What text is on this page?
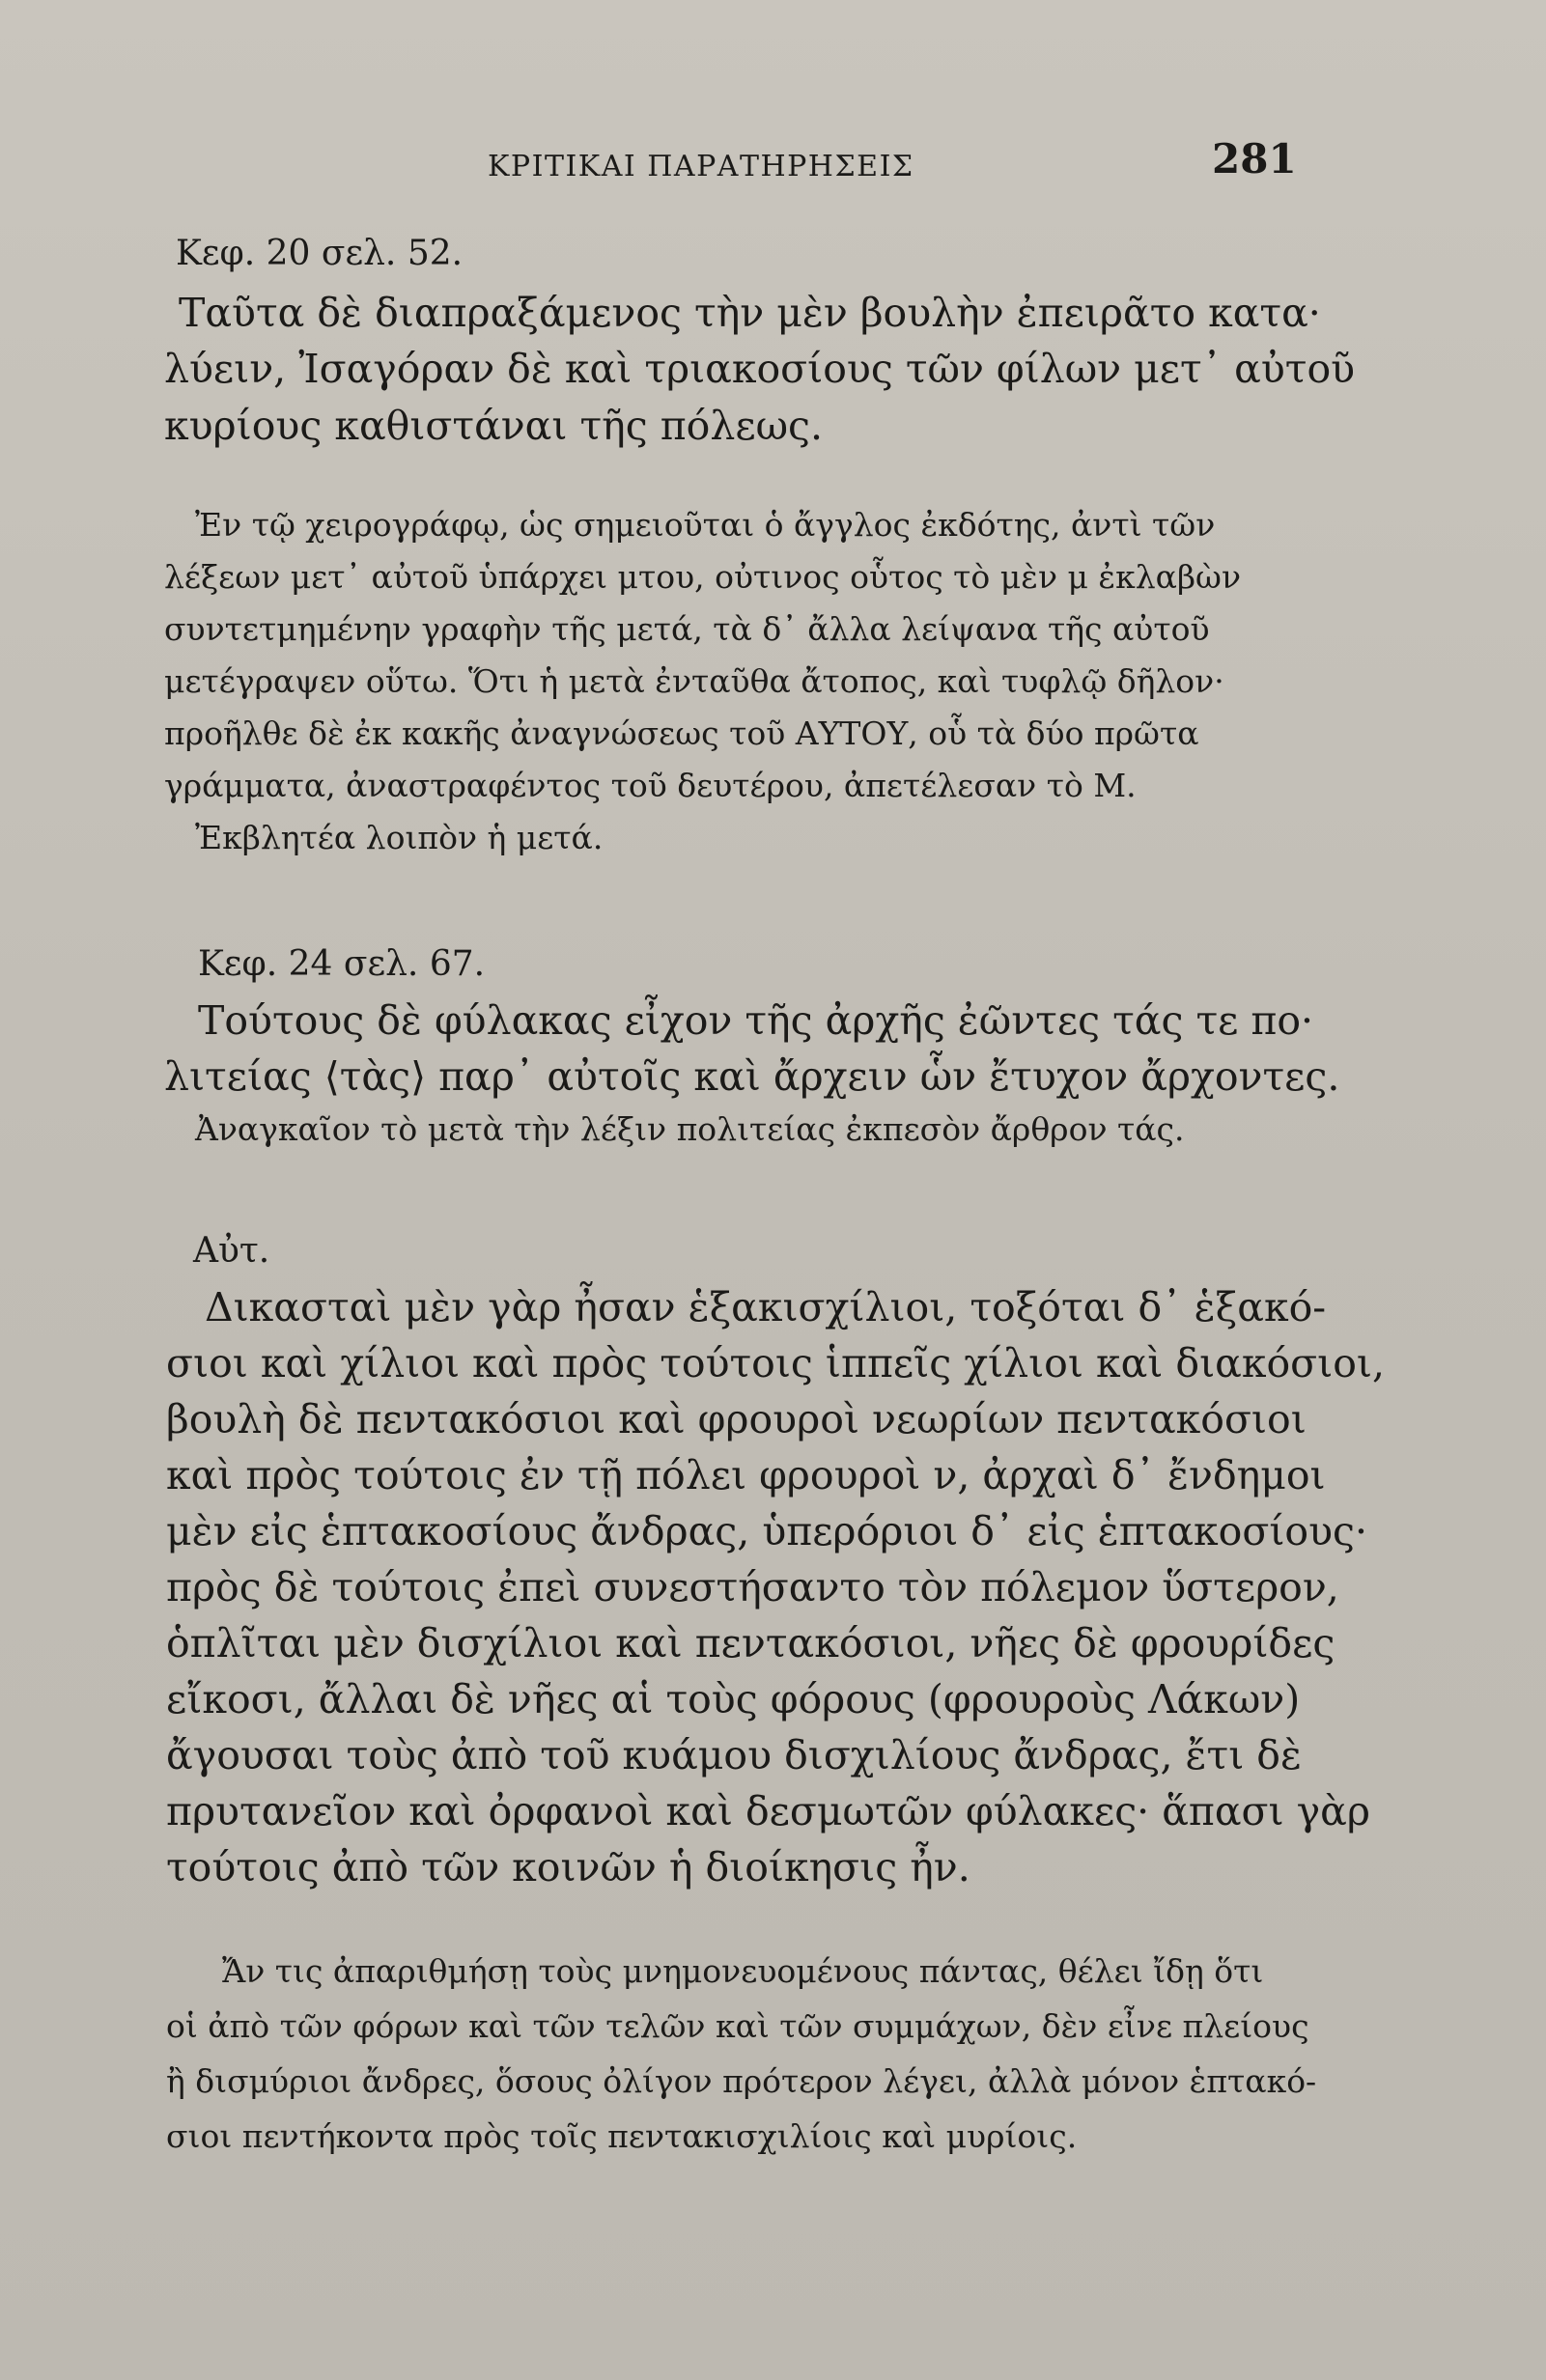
ΚΡΙΤΙΚΑΙ ΠΑΡΑΤΗΡΗΣΕΙΣ	281
Κεφ. 20 σελ. 52.
Ταῦτα δὲ διαπραξάμενος τὴν μὲν βουλὴν ἐπειρᾶτο κατα·
λύειν, Ἰσαγόραν δὲ καὶ τριακοσίους τῶν φίλων μετ᾿ αὐτοῦ
κυρίους καθιστάναι τῆς πόλεως.
Ἐν τῷ χειρογράφῳ, ὡς σημειοῦται ὁ ἄγγλος ἐκδότης, ἀντὶ τῶν
λέξεων μετ᾿ αὐτοῦ ὑπάρχει μτου, οὐτινος οὗτος τὸ μὲν μ ἐκλαβὼν
συντετμημένην γραφὴν τῆς μετά, τὰ δ᾿ ἄλλα λείψανα τῆς αὐτοῦ
μετέγραψεν οὕτω. Ὅτι ἡ μετὰ ἐνταῦθα ἄτοπος, καὶ τυφλῷ δῆλον·
προῆλθε δὲ ἐκ κακῆς ἀναγνώσεως τοῦ ΑΥΤΟΥ, οὗ τὰ δύο πρῶτα
γράμματα, ἀναστραφέντος τοῦ δευτέρου, ἀπετέλεσαν τὸ Μ.
Ἐκβλητέα λοιπὸν ἡ μετά.
Κεφ. 24 σελ. 67.
Τούτους δὲ φύλακας εἶχον τῆς ἀρχῆς ἐῶντες τάς τε πο·
λιτείας ⟨τὰς⟩ παρ᾿ αὐτοῖς καὶ ἄρχειν ὧν ἔτυχον ἄρχοντες.
Ἀναγκαῖον τὸ μετὰ τὴν λέξιν πολιτείας ἐκπεσὸν ἄρθρον τάς.
Αὐτ.
Δικασταὶ μὲν γὰρ ἦσαν ἑξακισχίλιοι, τοξόται δ᾿ ἑξακό-
σιοι καὶ χίλιοι καὶ πρὸς τούτοις ἱππεῖς χίλιοι καὶ διακόσιοι,
βουλὴ δὲ πεντακόσιοι καὶ φρουροὶ νεωρίων πεντακόσιοι
καὶ πρὸς τούτοις ἐν τῇ πόλει φρουροὶ ν, ἀρχαὶ δ᾿ ἔνδημοι
μὲν εἰς ἑπτακοσίους ἄνδρας, ὑπερόριοι δ᾿ εἰς ἑπτακοσίους·
πρὸς δὲ τούτοις ἐπεὶ συνεστήσαντο τὸν πόλεμον ὕστερον,
ὁπλῖται μὲν δισχίλιοι καὶ πεντακόσιοι, νῆες δὲ φρουρίδες
εἴκοσι, ἄλλαι δὲ νῆες αἱ τοὺς φόρους (φρουροὺς Λάκων)
ἄγουσαι τοὺς ἀπὸ τοῦ κυάμου δισχιλίους ἄνδρας, ἔτι δὲ
πρυτανεῖον καὶ ὀρφανοὶ καὶ δεσμωτῶν φύλακες· ἅπασι γὰρ
τούτοις ἀπὸ τῶν κοινῶν ἡ διοίκησις ἦν.
Ἄν τις ἀπαριθμήσῃ τοὺς μνημονευομένους πάντας, θέλει ἴδῃ ὅτι
οἱ ἀπὸ τῶν φόρων καὶ τῶν τελῶν καὶ τῶν συμμάχων, δὲν εἶνε πλείους
ἢ δισμύριοι ἄνδρες, ὅσους ὀλίγον πρότερον λέγει, ἀλλὰ μόνον ἑπτακό-
σιοι πεντήκοντα πρὸς τοῖς πεντακισχιλίοις καὶ μυρίοις.
